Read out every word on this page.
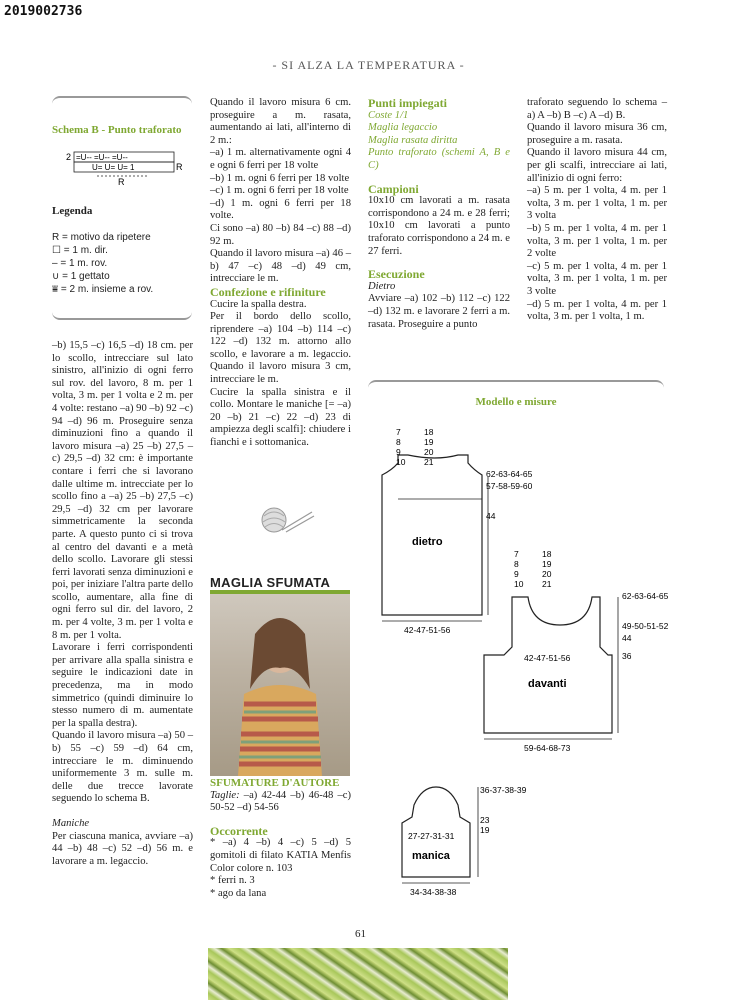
2019002736
- SI ALZA LA TEMPERATURA -
Schema B - Punto traforato
2 =U-- =U-- =U--
U= U= U= 1	R
R
Legenda
R = motivo da ripetere
☐ = 1 m. dir.
– = 1 m. rov.
∪ = 1 gettato
⩸ = 2 m. insieme a rov.

–b) 15,5 –c) 16,5 –d) 18 cm. per lo scollo, intrecciare sul lato sinistro, all'inizio di ogni ferro sul rov. del lavoro, 8 m. per 1 volta, 3 m. per 1 volta e 2 m. per 4 volte: restano –a) 90 –b) 92 –c) 94 –d) 96 m. Proseguire senza diminuzioni fino a quando il lavoro misura –a) 25 –b) 27,5 –c) 29,5 –d) 32 cm: è importante contare i ferri che si lavorano dalle ultime m. intrecciate per lo scollo fino a –a) 25 –b) 27,5 –c) 29,5 –d) 32 cm per lavorare simmetricamente la seconda parte. A questo punto ci si trova al centro del davanti e a metà dello scollo. Lavorare gli stessi ferri lavorati senza diminuzioni e poi, per iniziare l'altra parte dello scollo, aumentare, alla fine di ogni ferro sul dir. del lavoro, 2 m. per 4 volte, 3 m. per 1 volta e 8 m. per 1 volta.

Lavorare i ferri corrispondenti per arrivare alla spalla sinistra e seguire le indicazioni date in precedenza, ma in modo simmetrico (quindi diminuire lo stesso numero di m. aumentate per la spalla destra).

Quando il lavoro misura –a) 50 –b) 55 –c) 59 –d) 64 cm, intrecciare le m. diminuendo uniformemente 3 m. sulle m. delle due trecce lavorate seguendo lo schema B.

Maniche

Per ciascuna manica, avviare –a) 44 –b) 48 –c) 52 –d) 56 m. e lavorare a m. legaccio.

Quando il lavoro misura 6 cm. proseguire a m. rasata, aumentando ai lati, all'interno di 2 m.:

–a) 1 m. alternativamente ogni 4 e ogni 6 ferri per 18 volte

–b) 1 m. ogni 6 ferri per 18 volte

–c) 1 m. ogni 6 ferri per 18 volte

–d) 1 m. ogni 6 ferri per 18 volte.

Ci sono –a) 80 –b) 84 –c) 88 –d) 92 m.

Quando il lavoro misura –a) 46 –b) 47 –c) 48 –d) 49 cm, intrecciare le m.

Confezione e rifiniture

Cucire la spalla destra.

Per il bordo dello scollo, riprendere –a) 104 –b) 114 –c) 122 –d) 132 m. attorno allo scollo, e lavorare a m. legaccio. Quando il lavoro misura 3 cm, intrecciare le m.

Cucire la spalla sinistra e il collo. Montare le maniche [= –a) 20 –b) 21 –c) 22 –d) 23 di ampiezza degli scalfi]: chiudere i fianchi e i sottomanica.

MAGLIA SFUMATA

SFUMATURE D'AUTORE

Taglie: –a) 42-44 –b) 46-48 –c) 50-52 –d) 54-56

Occorrente

* –a) 4 –b) 4 –c) 5 –d) 5 gomitoli di filato KATIA Menfis Color colore n. 103

* ferri n. 3

* ago da lana

Punti impiegati

Coste 1/1

Maglia legaccio

Maglia rasata diritta

Punto traforato (schemi A, B e C)

Campioni

10x10 cm lavorati a m. rasata corrispondono a 24 m. e 28 ferri; 10x10 cm lavorati a punto traforato corrispondono a 24 m. e 27 ferri.

Esecuzione

Dietro

Avviare –a) 102 –b) 112 –c) 122 –d) 132 m. e lavorare 2 ferri a m. rasata. Proseguire a punto

traforato seguendo lo schema –a) A –b) B –c) A –d) B.

Quando il lavoro misura 36 cm, proseguire a m. rasata.

Quando il lavoro misura 44 cm, per gli scalfi, intrecciare ai lati, all'inizio di ogni ferro:

–a) 5 m. per 1 volta, 4 m. per 1 volta, 3 m. per 1 volta, 1 m. per 3 volta

–b) 5 m. per 1 volta, 4 m. per 1 volta, 3 m. per 1 volta, 1 m. per 2 volte

–c) 5 m. per 1 volta, 4 m. per 1 volta, 3 m. per 1 volta, 1 m. per 3 volte

–d) 5 m. per 1 volta, 4 m. per 1 volta, 3 m. per 1 volta, 1 m.

Modello e misure
7 8 9 10
18 19 20 21
62-63-64-65
57-58-59-60
44
dietro
42-47-51-56
7 8 9 10
18 19 20 21
62-63-64-65
49-50-51-52
44
36
42-47-51-56
davanti
59-64-68-73
36-37-38-39
23
19
27-27-31-31
manica
34-34-38-38
61
